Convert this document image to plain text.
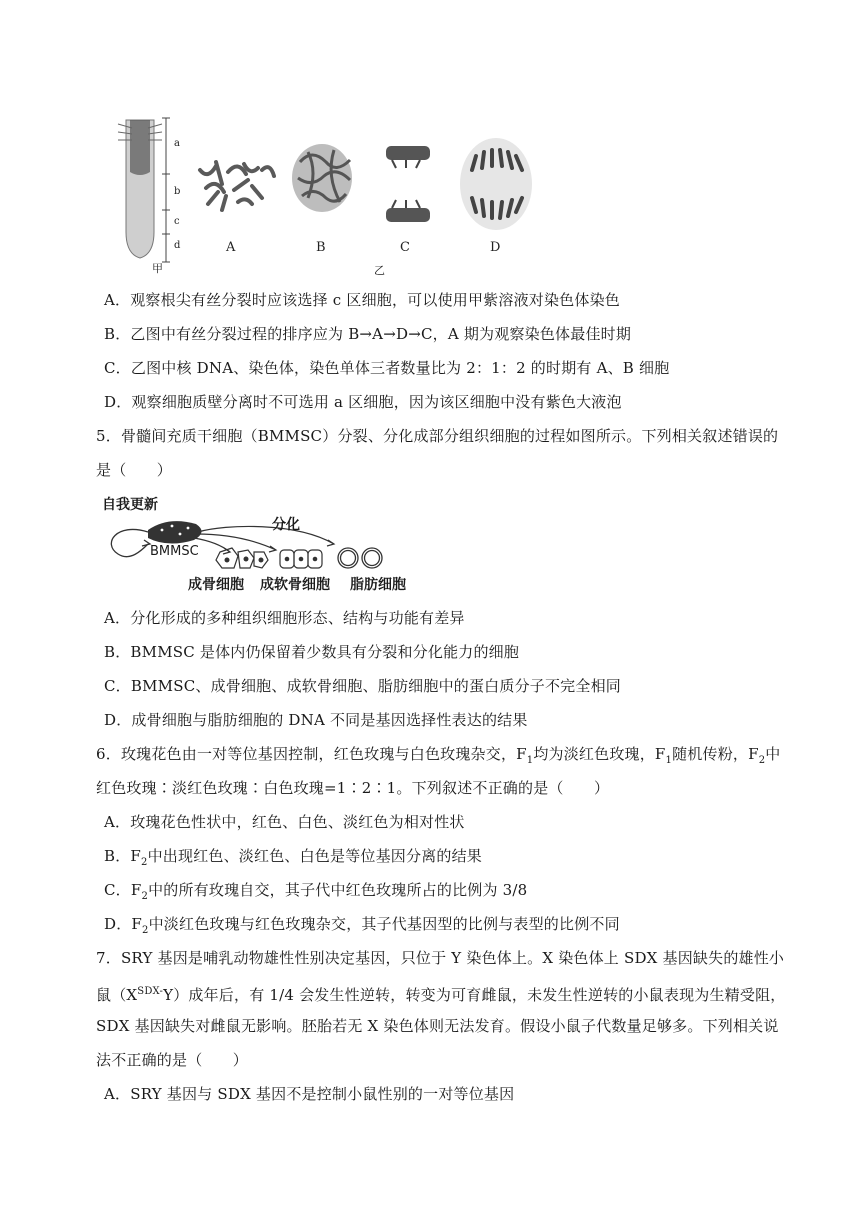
a
b
c
d	A	B	C	D
甲	乙
A．观察根尖有丝分裂时应该选择 c 区细胞，可以使用甲紫溶液对染色体染色
B．乙图中有丝分裂过程的排序应为 B→A→D→C，A 期为观察染色体最佳时期
C．乙图中核 DNA、染色体，染色单体三者数量比为 2：1：2 的时期有 A、B 细胞
D．观察细胞质壁分离时不可选用 a 区细胞，因为该区细胞中没有紫色大液泡
5．骨髓间充质干细胞（BMMSC）分裂、分化成部分组织细胞的过程如图所示。下列相关叙述错误的
是（　　）
自我更新
分化
BMMSC
成骨细胞 成软骨细胞 脂肪细胞
A．分化形成的多种组织细胞形态、结构与功能有差异
B．BMMSC 是体内仍保留着少数具有分裂和分化能力的细胞
C．BMMSC、成骨细胞、成软骨细胞、脂肪细胞中的蛋白质分子不完全相同
D．成骨细胞与脂肪细胞的 DNA 不同是基因选择性表达的结果
6．玫瑰花色由一对等位基因控制，红色玫瑰与白色玫瑰杂交，$F_1$均为淡红色玫瑰，$F_1$随机传粉，$F_2$中
红色玫瑰∶淡红色玫瑰∶白色玫瑰=1∶2∶1。下列叙述不正确的是（　　）
A．玫瑰花色性状中，红色、白色、淡红色为相对性状
B．$F_2$中出现红色、淡红色、白色是等位基因分离的结果
C．$F_2$中的所有玫瑰自交，其子代中红色玫瑰所占的比例为 3/8
D．$F_2$中淡红色玫瑰与红色玫瑰杂交，其子代基因型的比例与表型的比例不同
7．SRY 基因是哺乳动物雄性性别决定基因，只位于 Y 染色体上。X 染色体上 SDX 基因缺失的雄性小
鼠$(X^{SDX-}Y)$成年后，有 1/4 会发生性逆转，转变为可育雌鼠，未发生性逆转的小鼠表现为生精受阻，
SDX 基因缺失对雌鼠无影响。胚胎若无 X 染色体则无法发育。假设小鼠子代数量足够多。下列相关说
法不正确的是（　　）
A．SRY 基因与 SDX 基因不是控制小鼠性别的一对等位基因
